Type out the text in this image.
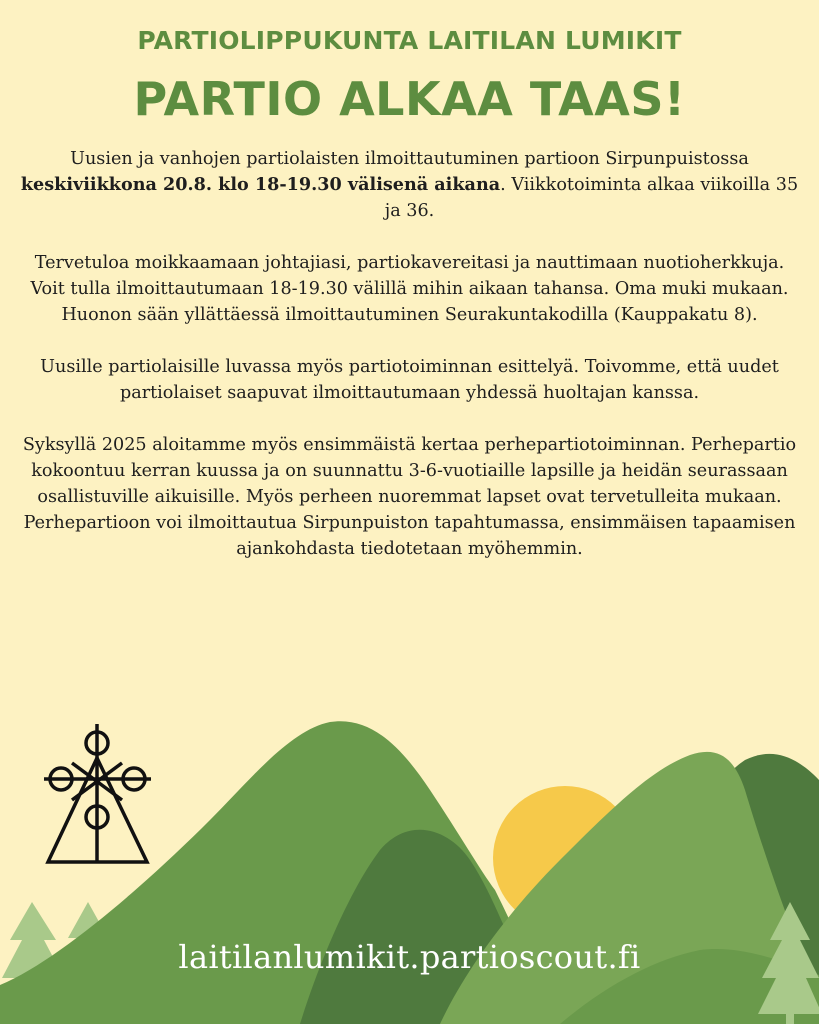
PARTIOLIPPUKUNTA LAITILAN LUMIKIT
PARTIO ALKAA TAAS!

Uusien ja vanhojen partiolaisten ilmoittautuminen partioon Sirpunpuistossa keskiviikkona 20.8. klo 18-19.30 välisenä aikana. Viikkotoiminta alkaa viikoilla 35 ja 36.

Tervetuloa moikkaamaan johtajiasi, partiokavereitasi ja nauttimaan nuotioherkkuja. Voit tulla ilmoittautumaan 18-19.30 välillä mihin aikaan tahansa. Oma muki mukaan. Huonon sään yllättäessä ilmoittautuminen Seurakuntakodilla (Kauppakatu 8).

Uusille partiolaisille luvassa myös partiotoiminnan esittelyä. Toivomme, että uudet partiolaiset saapuvat ilmoittautumaan yhdessä huoltajan kanssa.

Syksyllä 2025 aloitamme myös ensimmäistä kertaa perhepartiotoiminnan. Perhepartio kokoontuu kerran kuussa ja on suunnattu 3-6-vuotiaille lapsille ja heidän seurassaan osallistuville aikuisille. Myös perheen nuoremmat lapset ovat tervetulleita mukaan. Perhepartioon voi ilmoittautua Sirpunpuiston tapahtumassa, ensimmäisen tapaamisen ajankohdasta tiedotetaan myöhemmin.

laitilanlumikit.partioscout.fi
